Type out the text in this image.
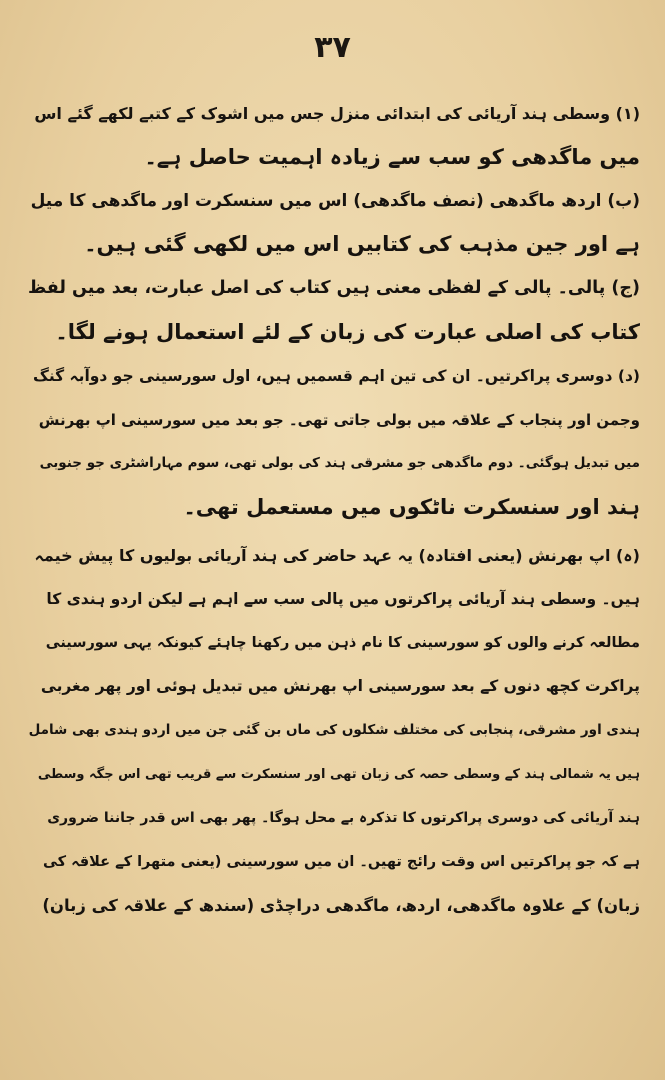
۳۷
(۱) وسطی ہند آریائی کی ابتدائی منزل جس میں اشوک کے کتبے لکھے گئے اس
میں ماگدھی کو سب سے زیادہ اہمیت حاصل ہے۔
(ب) اردھ ماگدھی (نصف ماگدھی) اس میں سنسکرت اور ماگدھی کا میل
ہے اور جین مذہب کی کتابیں اس میں لکھی گئی ہیں۔
(ج) پالی۔ پالی کے لفظی معنی ہیں کتاب کی اصل عبارت، بعد میں لفظ
کتاب کی اصلی عبارت کی زبان کے لئے استعمال ہونے لگا۔
(د) دوسری پراکرتیں۔ ان کی تین اہم قسمیں ہیں، اول سورسینی جو دوآبہ گنگ
وجمن اور پنجاب کے علاقہ میں بولی جاتی تھی۔ جو بعد میں سورسینی اپ بھرنش
میں تبدیل ہوگئی۔ دوم ماگدھی جو مشرقی ہند کی بولی تھی، سوم مہاراشٹری جو جنوبی
ہند اور سنسکرت ناٹکوں میں مستعمل تھی۔
(ہ) اپ بھرنش (یعنی افتادہ) یہ عہد حاضر کی ہند آریائی بولیوں کا پیش خیمہ
ہیں۔ وسطی ہند آریائی پراکرتوں میں پالی سب سے اہم ہے لیکن اردو ہندی کا
مطالعہ کرنے والوں کو سورسینی کا نام ذہن میں رکھنا چاہئے کیونکہ یہی سورسینی
پراکرت کچھ دنوں کے بعد سورسینی اپ بھرنش میں تبدیل ہوئی اور پھر مغربی
ہندی اور مشرقی، پنجابی کی مختلف شکلوں کی ماں بن گئی جن میں اردو ہندی بھی شامل
ہیں یہ شمالی ہند کے وسطی حصہ کی زبان تھی اور سنسکرت سے قریب تھی اس جگہ وسطی
ہند آریائی کی دوسری پراکرتوں کا تذکرہ بے محل ہوگا۔ پھر بھی اس قدر جاننا ضروری
ہے کہ جو پراکرتیں اس وقت رائج تھیں۔ ان میں سورسینی (یعنی متھرا کے علاقہ کی
زبان) کے علاوہ ماگدھی، اردھ، ماگدھی دراچڈی (سندھ کے علاقہ کی زبان)
